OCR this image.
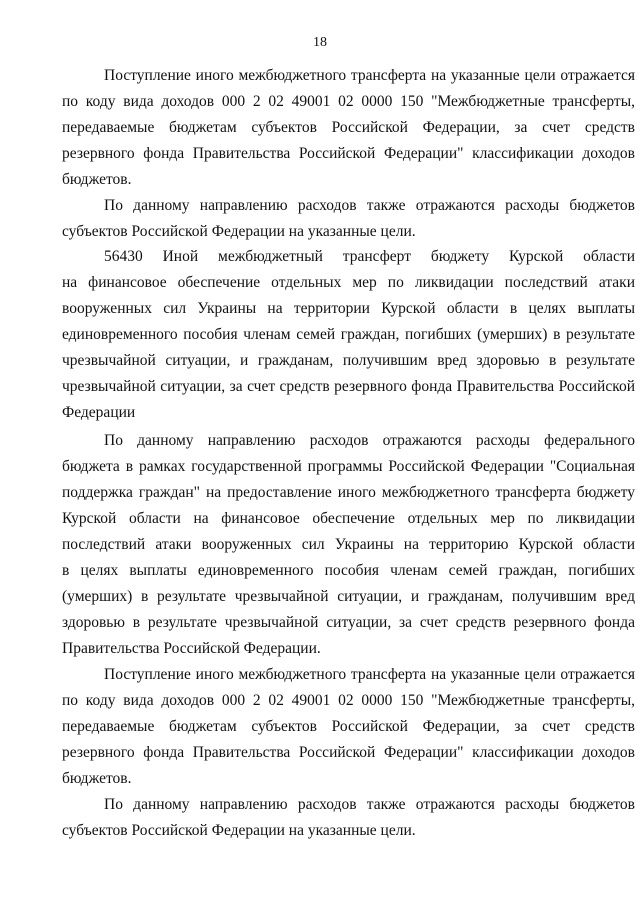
18
Поступление иного межбюджетного трансферта на указанные цели отражается
по коду вида доходов 000 2 02 49001 02 0000 150 "Межбюджетные трансферты,
передаваемые бюджетам субъектов Российской Федерации, за счет средств
резервного фонда Правительства Российской Федерации" классификации доходов
бюджетов.
По данному направлению расходов также отражаются расходы бюджетов
субъектов Российской Федерации на указанные цели.
56430 Иной межбюджетный трансферт бюджету Курской области
на финансовое обеспечение отдельных мер по ликвидации последствий атаки
вооруженных сил Украины на территории Курской области в целях выплаты
единовременного пособия членам семей граждан, погибших (умерших) в результате
чрезвычайной ситуации, и гражданам, получившим вред здоровью в результате
чрезвычайной ситуации, за счет средств резервного фонда Правительства Российской
Федерации
По данному направлению расходов отражаются расходы федерального
бюджета в рамках государственной программы Российской Федерации "Социальная
поддержка граждан" на предоставление иного межбюджетного трансферта бюджету
Курской области на финансовое обеспечение отдельных мер по ликвидации
последствий атаки вооруженных сил Украины на территорию Курской области
в целях выплаты единовременного пособия членам семей граждан, погибших
(умерших) в результате чрезвычайной ситуации, и гражданам, получившим вред
здоровью в результате чрезвычайной ситуации, за счет средств резервного фонда
Правительства Российской Федерации.
Поступление иного межбюджетного трансферта на указанные цели отражается
по коду вида доходов 000 2 02 49001 02 0000 150 "Межбюджетные трансферты,
передаваемые бюджетам субъектов Российской Федерации, за счет средств
резервного фонда Правительства Российской Федерации" классификации доходов
бюджетов.
По данному направлению расходов также отражаются расходы бюджетов
субъектов Российской Федерации на указанные цели.
